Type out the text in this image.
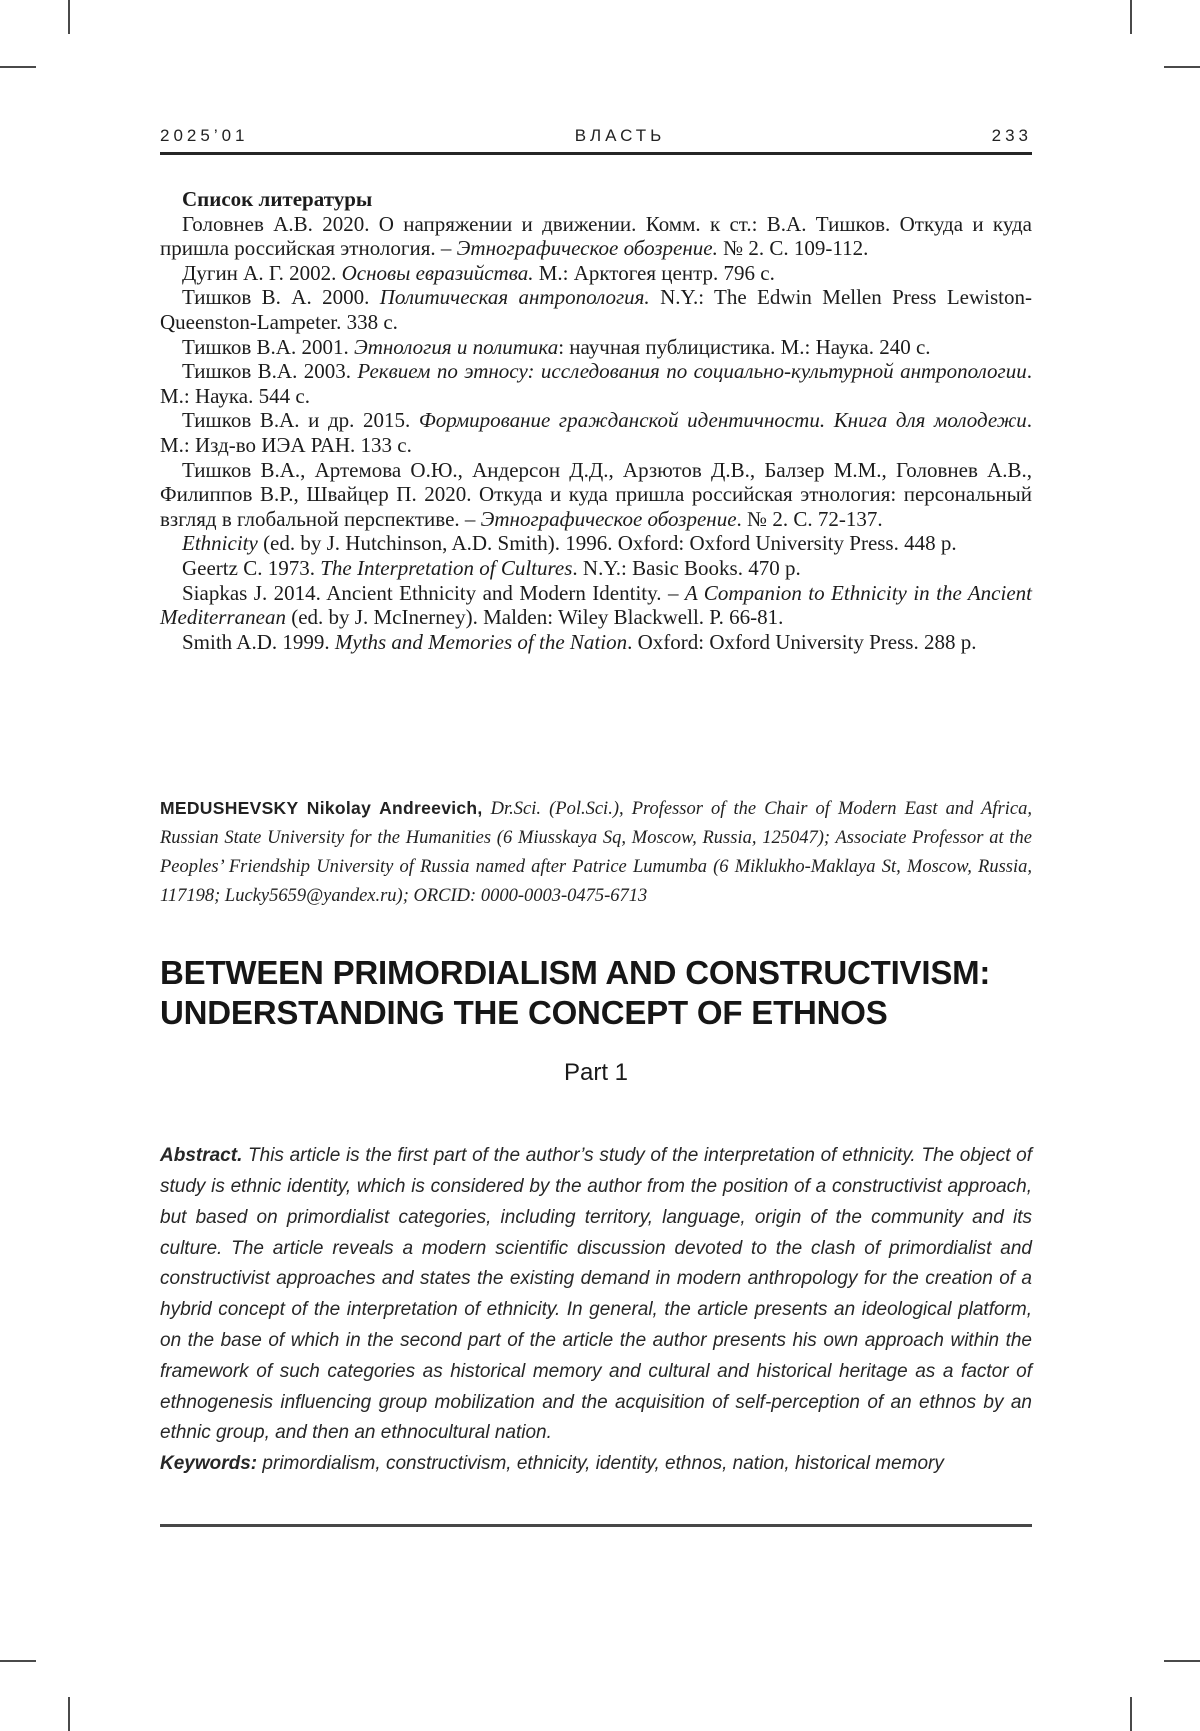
2025’01	ВЛАСТЬ	233
Список литературы

Головнев А.В. 2020. О напряжении и движении. Комм. к ст.: В.А. Тишков. Откуда и куда пришла российская этнология. – Этнографическое обозрение. № 2. С. 109-112.

Дугин А. Г. 2002. Основы евразийства. М.: Арктогея центр. 796 с.

Тишков В. А. 2000. Политическая антропология. N.Y.: The Edwin Mellen Press Lewiston-Queenston-Lampeter. 338 с.

Тишков В.А. 2001. Этнология и политика: научная публицистика. М.: Наука. 240 с.

Тишков В.А. 2003. Реквием по этносу: исследования по социально-культурной антропологии. М.: Наука. 544 с.

Тишков В.А. и др. 2015. Формирование гражданской идентичности. Книга для молодежи. М.: Изд-во ИЭА РАН. 133 с.

Тишков В.А., Артемова О.Ю., Андерсон Д.Д., Арзютов Д.В., Балзер М.М., Головнев А.В., Филиппов В.Р., Швайцер П. 2020. Откуда и куда пришла российская этнология: персональный взгляд в глобальной перспективе. – Этнографическое обозрение. № 2. С. 72-137.

Ethnicity (ed. by J. Hutchinson, A.D. Smith). 1996. Oxford: Oxford University Press. 448 p.

Geertz C. 1973. The Interpretation of Cultures. N.Y.: Basic Books. 470 p.

Siapkas J. 2014. Ancient Ethnicity and Modern Identity. – A Companion to Ethnicity in the Ancient Mediterranean (ed. by J. McInerney). Malden: Wiley Blackwell. P. 66-81.

Smith A.D. 1999. Myths and Memories of the Nation. Oxford: Oxford University Press. 288 p.

MEDUSHEVSKY Nikolay Andreevich, Dr.Sci. (Pol.Sci.), Professor of the Chair of Modern East and Africa, Russian State University for the Humanities (6 Miusskaya Sq, Moscow, Russia, 125047); Associate Professor at the Peoples’ Friendship University of Russia named after Patrice Lumumba (6 Miklukho-Maklaya St, Moscow, Russia, 117198; Lucky5659@yandex.ru); ORCID: 0000-0003-0475-6713
BETWEEN PRIMORDIALISM AND CONSTRUCTIVISM:
UNDERSTANDING THE CONCEPT OF ETHNOS
Part 1
Abstract. This article is the first part of the author’s study of the interpretation of ethnicity. The object of study is ethnic identity, which is considered by the author from the position of a constructivist approach, but based on primordialist categories, including territory, language, origin of the community and its culture. The article reveals a modern scientific discussion devoted to the clash of primordialist and constructivist approaches and states the existing demand in modern anthropology for the creation of a hybrid concept of the interpretation of ethnicity. In general, the article presents an ideological platform, on the base of which in the second part of the article the author presents his own approach within the framework of such categories as historical memory and cultural and historical heritage as a factor of ethnogenesis influencing group mobilization and the acquisition of self-perception of an ethnos by an ethnic group, and then an ethnocultural nation.
Keywords: primordialism, constructivism, ethnicity, identity, ethnos, nation, historical memory
